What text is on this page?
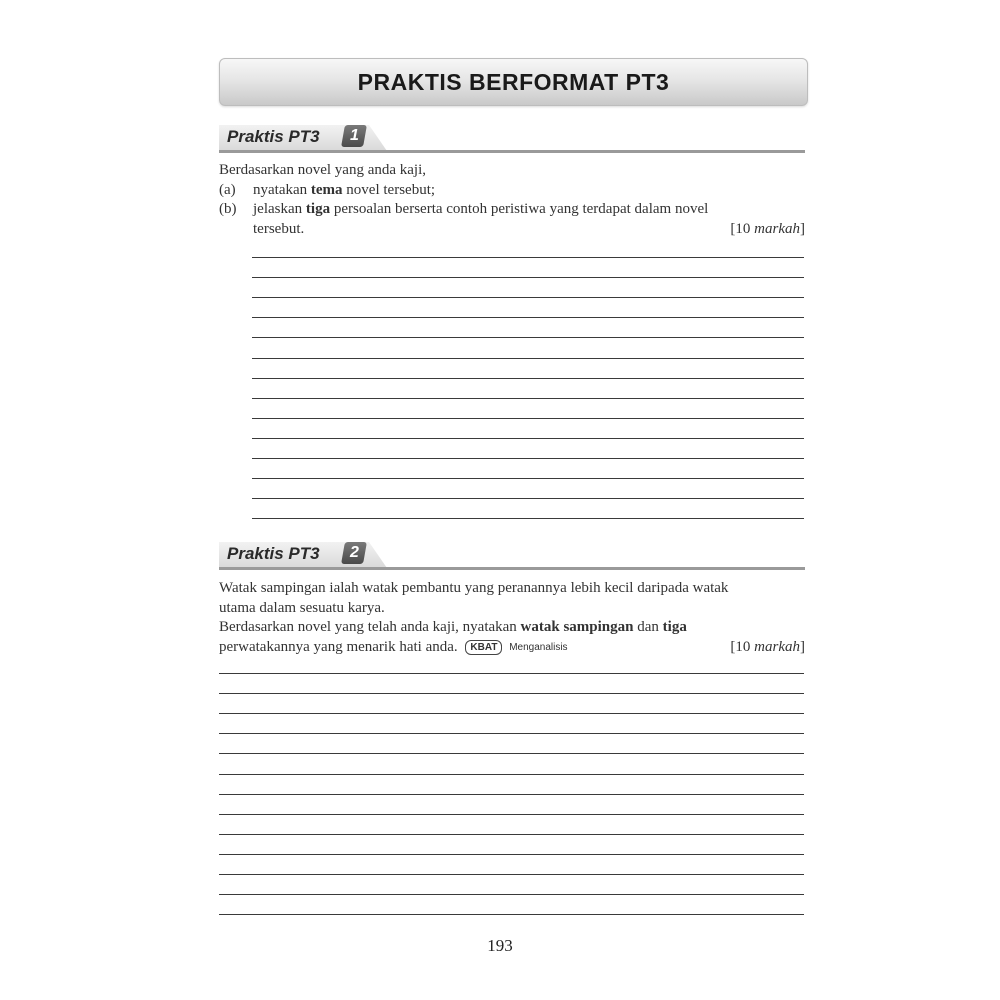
PRAKTIS BERFORMAT PT3
Praktis PT3 1

Berdasarkan novel yang anda kaji,

(a) nyatakan tema novel tersebut;

(b) jelaskan tiga persoalan berserta contoh peristiwa yang terdapat dalam novel

tersebut.	[10 markah]

Praktis PT3 2

Watak sampingan ialah watak pembantu yang peranannya lebih kecil daripada watak

utama dalam sesuatu karya.

Berdasarkan novel yang telah anda kaji, nyatakan watak sampingan dan tiga

perwatakannya yang menarik hati anda. KBAT Menganalisis	[10 markah]

193
